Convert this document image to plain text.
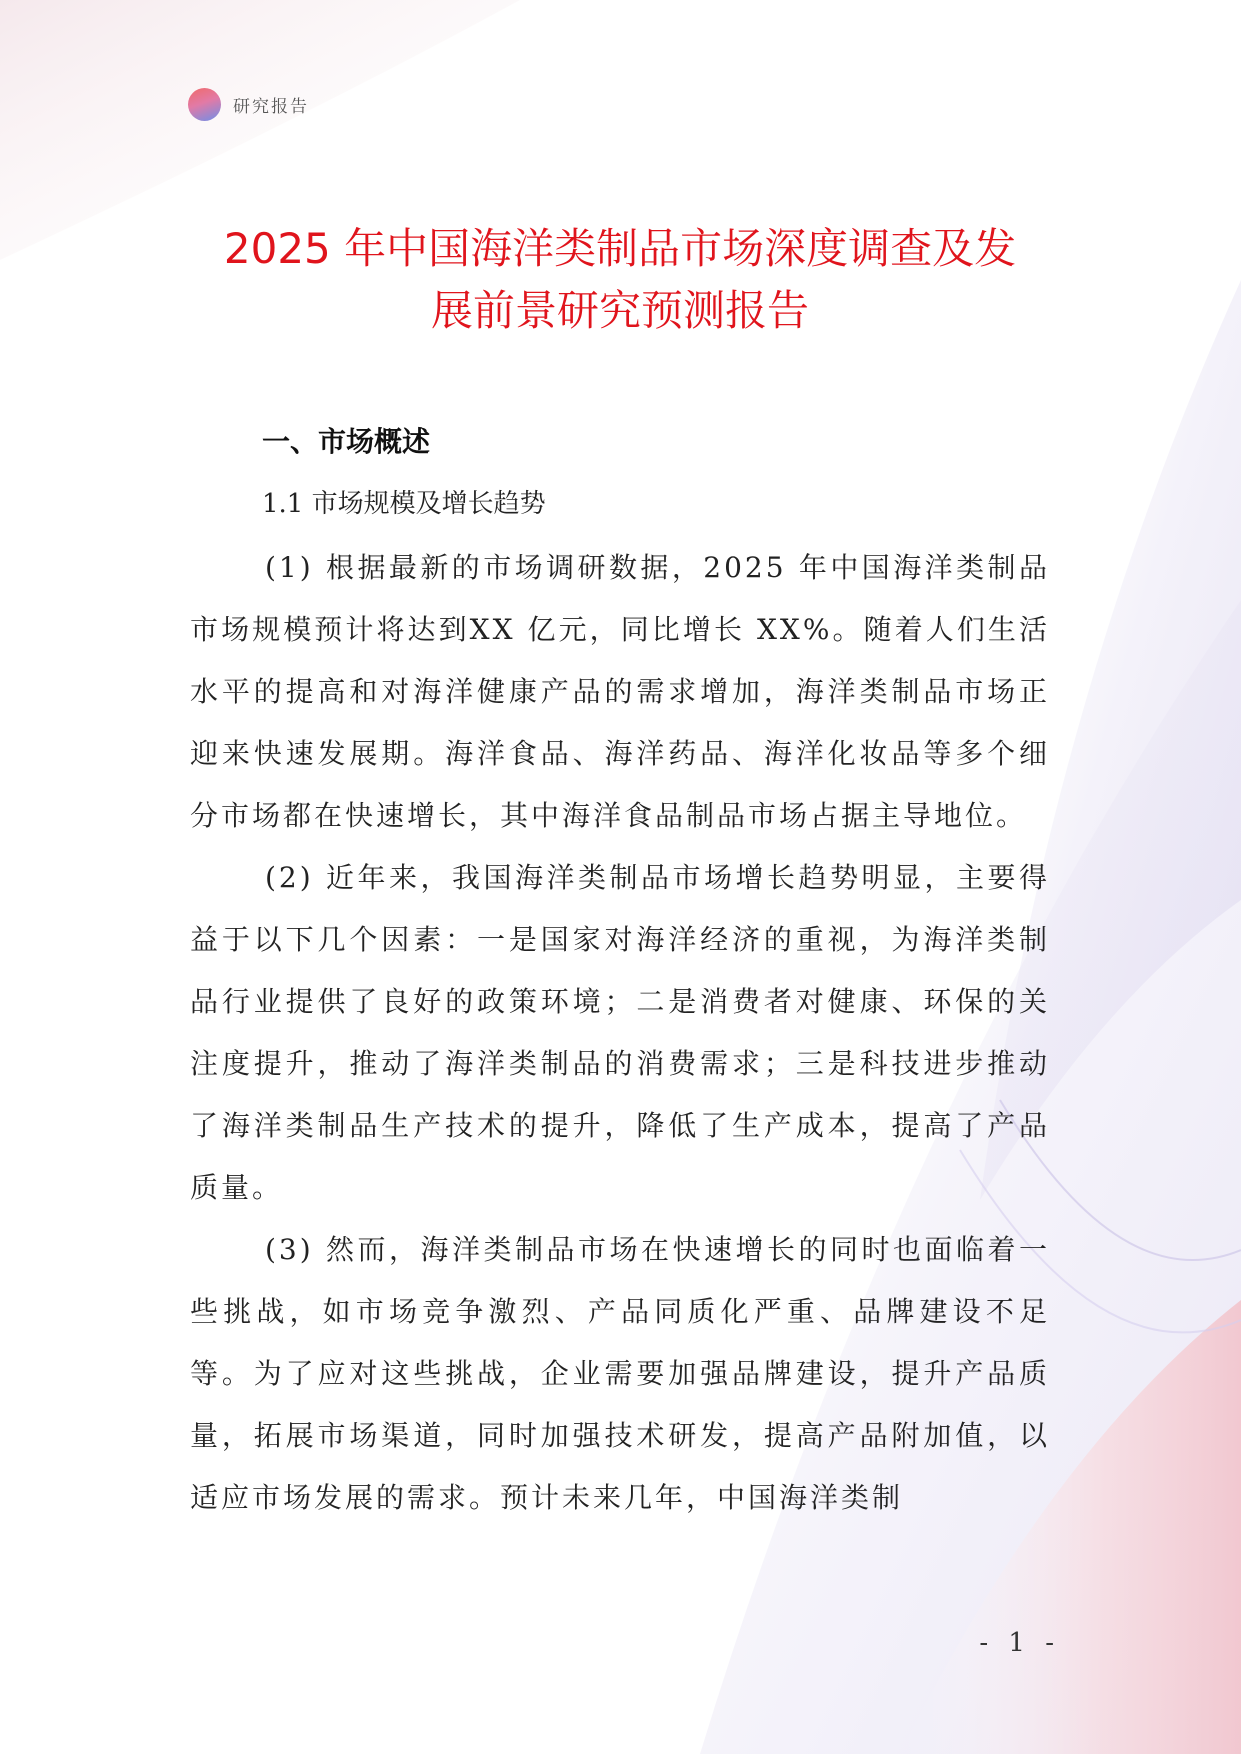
研究报告
2025 年中国海洋类制品市场深度调查及发
展前景研究预测报告
一、市场概述
1.1 市场规模及增长趋势

(1) 根据最新的市场调研数据，2025 年中国海洋类制品市场规模预计将达到XX 亿元，同比增长 XX%。随着人们生活水平的提高和对海洋健康产品的需求增加，海洋类制品市场正迎来快速发展期。海洋食品、海洋药品、海洋化妆品等多个细分市场都在快速增长，其中海洋食品制品市场占据主导地位。

(2) 近年来，我国海洋类制品市场增长趋势明显，主要得益于以下几个因素：一是国家对海洋经济的重视，为海洋类制品行业提供了良好的政策环境；二是消费者对健康、环保的关注度提升，推动了海洋类制品的消费需求；三是科技进步推动了海洋类制品生产技术的提升，降低了生产成本，提高了产品质量。

(3) 然而，海洋类制品市场在快速增长的同时也面临着一些挑战，如市场竞争激烈、产品同质化严重、品牌建设不足等。为了应对这些挑战，企业需要加强品牌建设，提升产品质量，拓展市场渠道，同时加强技术研发，提高产品附加值，以适应市场发展的需求。预计未来几年，中国海洋类制

- 1 -
